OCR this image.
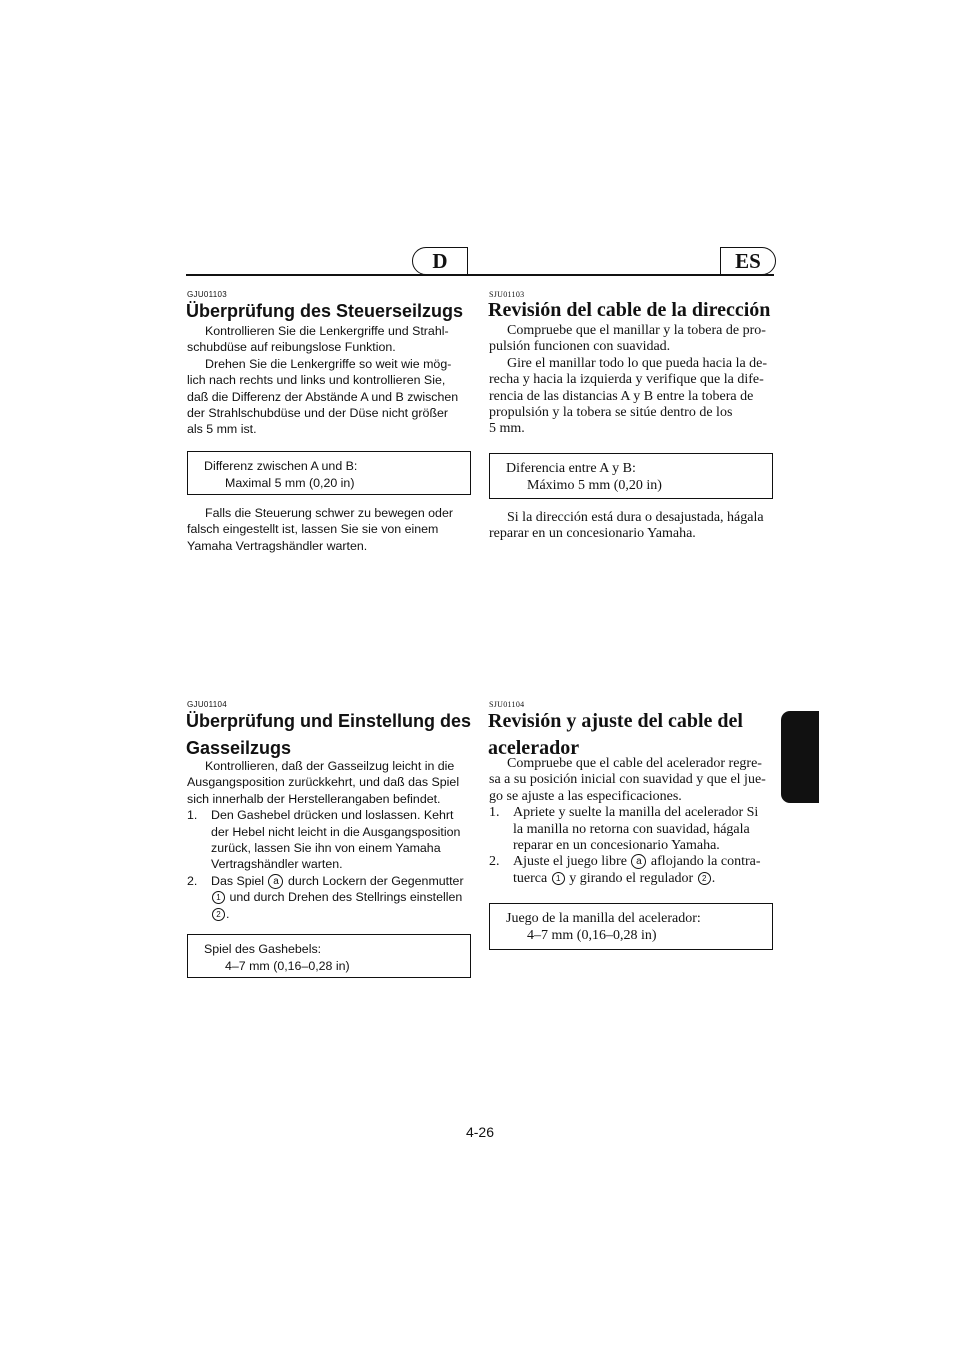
D	ES
GJU01103
Überprüfung des Steuerseilzugs
Kontrollieren Sie die Lenkergriffe und Strahl-
schubdüse auf reibungslose Funktion.
Drehen Sie die Lenkergriffe so weit wie mög-
lich nach rechts und links und kontrollieren Sie,
daß die Differenz der Abstände A und B zwischen
der Strahlschubdüse und der Düse nicht größer
als 5 mm ist.
Differenz zwischen A und B:
Maximal 5 mm (0,20 in)
Falls die Steuerung schwer zu bewegen oder
falsch eingestellt ist, lassen Sie sie von einem
Yamaha Vertragshändler warten.
SJU01103
Revisión del cable de la dirección
Compruebe que el manillar y la tobera de pro-
pulsión funcionen con suavidad.
Gire el manillar todo lo que pueda hacia la de-
recha y hacia la izquierda y verifique que la dife-
rencia de las distancias A y B entre la tobera de
propulsión y la tobera se sitúe dentro de los
5 mm.
Diferencia entre A y B:
Máximo 5 mm (0,20 in)
Si la dirección está dura o desajustada, hágala
reparar en un concesionario Yamaha.
GJU01104
Überprüfung und Einstellung des
Gasseilzugs
Kontrollieren, daß der Gasseilzug leicht in die
Ausgangsposition zurückkehrt, und daß das Spiel
sich innerhalb der Herstellerangaben befindet.
1.	Den Gashebel drücken und loslassen. Kehrt
der Hebel nicht leicht in die Ausgangsposition
zurück, lassen Sie ihn von einem Yamaha
Vertragshändler warten.
2.	Das Spiel a durch Lockern der Gegenmutter
1 und durch Drehen des Stellrings einstellen
2 .
Spiel des Gashebels:
4–7 mm (0,16–0,28 in)
SJU01104
Revisión y ajuste del cable del
acelerador
Compruebe que el cable del acelerador regre-
sa a su posición inicial con suavidad y que el jue-
go se ajuste a las especificaciones.
1. Apriete y suelte la manilla del acelerador Si
la manilla no retorna con suavidad, hágala
reparar en un concesionario Yamaha.
2. Ajuste el juego libre a aflojando la contra-
tuerca 1 y girando el regulador 2 .
Juego de la manilla del acelerador:
4–7 mm (0,16–0,28 in)
4-26
